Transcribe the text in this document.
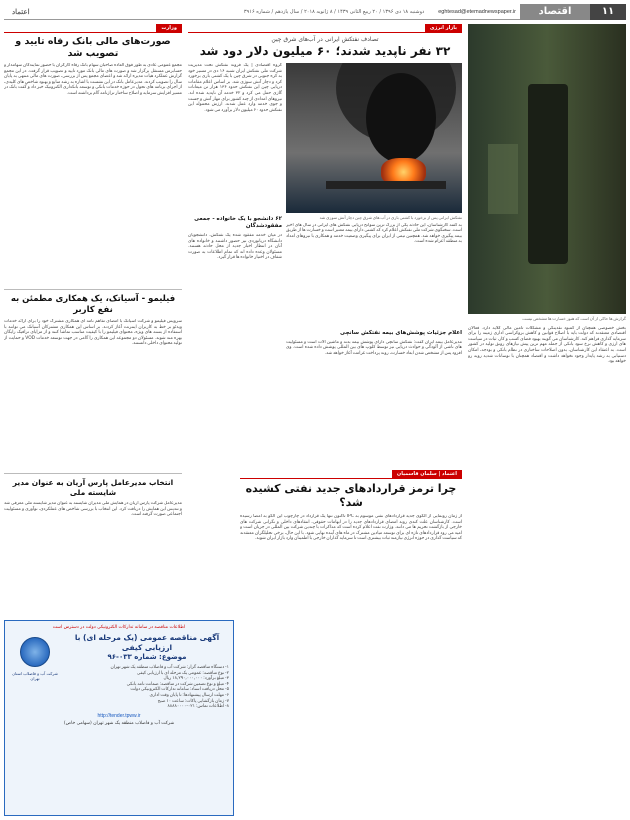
۱۱
اقتصاد
eghtesad@etemadnewspaper.ir
دوشنبه ۱۸ دی ۱۳۹۶ / ۲۰ ربیع الثانی ۱۴۳۹ / ۸ ژانویه ۲۰۱۸ / سال یازدهم / شماره ۳۹۱۶
اعتماد
وزارت
صورت‌های مالی بانک رفاه تایید و تصویب شد
مجمع عمومی عادی به طور فوق العاده صاحبان سهام بانک رفاه کارگران با حضور نمایندگان سهامدار و حسابرس مستقل برگزار شد و صورت های مالی بانک مورد تایید و تصویب قرار گرفت. در این مجمع گزارش عملکرد هیات مدیره ارائه شد و اعضای مجمع پس از بررسی، صورت های مالی منتهی به پایان سال را تصویب کردند. مدیرعامل بانک در این نشست با اشاره به رشد منابع و بهبود شاخص های کلیدی، از اجرای برنامه های تحول در حوزه خدمات بانکی و توسعه بانکداری الکترونیک خبر داد و گفت بانک در مسیر افزایش سرمایه و اصلاح ساختار ترازنامه گام برداشته است.
فیلیمو - آسیاتک، یک همکاری مطمئن به نفع کاربر
سرویس فیلیمو و شرکت آسیاتک با امضای تفاهم نامه ای همکاری مشترک خود را برای ارائه خدمات ویدئو بر خط به کاربران اینترنت آغاز کردند. بر اساس این همکاری مشترکان آسیاتک می توانند با استفاده از بسته های ویژه، محتوای فیلیمو را با کیفیت مناسب تماشا کنند و از مزایای ترافیک رایگان بهره مند شوند. مسئولان دو مجموعه این همکاری را گامی در جهت توسعه خدمات VOD و حمایت از تولید محتوای داخلی دانستند.
انتخاب مدیرعامل پارس آریان به عنوان مدیر شایسته ملی
مدیرعامل شرکت پارس آریان در همایش ملی مدیران شایسته به عنوان مدیر شایسته ملی معرفی شد و تندیس این همایش را دریافت کرد. این انتخاب با بررسی شاخص های عملکردی، نوآوری و مسئولیت اجتماعی صورت گرفته است.
اطلاعات مناقصه در سامانه تدارکات الکترونیکی دولت در دسترس است
آگهی مناقصه عمومی (یک مرحله ای) با ارزیابی کیفی
موضوع: شماره ۰۳۳-۹۶
۱- دستگاه مناقصه گزار: شرکت آب و فاضلاب منطقه یک شهر تهران
۲- نوع مناقصه: عمومی یک مرحله ای با ارزیابی کیفی
۳- مبلغ برآورد: ۱۸,۲۹۰,۰۰۰,۰۰۰ ریال
۴- مبلغ و نوع تضمین شرکت در مناقصه: ضمانت نامه بانکی
۵- محل دریافت اسناد: سامانه تدارکات الکترونیکی دولت
۶- مهلت ارسال پیشنهادها: تا پایان وقت اداری
۷- زمان بازگشایی پاکات: ساعت ۱۰ صبح
۸- اطلاعات تماس: ۰۲۱-۸۸۸۸۰۰۰۰
شرکت آب و فاضلاب استان تهران
http://tender.tpww.ir
شرکت آب و فاضلاب منطقه یک شهر تهران (سهامی خاص)
بازار انرژی
تصادف نفتکش ایرانی در آب‌های شرق چین
۳۲ نفر ناپدید شدند؛ ۶۰ میلیون دلار دود شد
گروه اقتصادی | یک فروند نفتکش تحت مدیریت شرکت ملی نفتکش ایران شنبه ۱۶ دی در مسیر خود به کره جنوبی در شرق چین با یک کشتی باری برخورد کرد و دچار آتش سوزی شد. بر اساس اعلام مقامات دریایی چین این نفتکش حدود ۱۳۶ هزار تن میعانات گازی حمل می کرد و ۳۲ خدمه آن ناپدید شده اند. نیروهای امدادی از چند کشور برای مهار آتش و جست و جوی خدمه وارد عمل شدند. ارزش محموله این نفتکش حدود ۶۰ میلیون دلار برآورد می شود.
۶۲ دانشجو با یک خانواده - جمعی مفقودشدگان
در میان خدمه مفقود شده یک نفتکش، دانشجویان دانشگاه دریانوردی نیز حضور داشتند و خانواده های آنان در انتظار اخبار جدید از محل حادثه هستند. مسئولان وعده داده اند که تمام اطلاعات به صورت شفاف در اختیار خانواده ها قرار گیرد.
نفتکش ایرانی پس از برخورد با کشتی باری در آب های شرق چین دچار آتش سوزی شد
به گفته کارشناسان، این حادثه یکی از بزرگ ترین سوانح دریایی نفتکش های ایرانی در سال های اخیر است. سخنگوی شرکت ملی نفتکش اعلام کرد که کشتی دارای بیمه معتبر است و خسارت ها از طریق بیمه پیگیری خواهد شد. همچنین تیمی از ایران برای پیگیری وضعیت خدمه و همکاری با نیروهای امداد به منطقه اعزام شده است.
اعلام جزئیات پوشش‌های بیمه نفتکش سانچی
مدیرعامل بیمه ایران گفت: نفتکش سانچی دارای پوشش بیمه بدنه و ماشین آلات است و مسئولیت های ناشی از آلودگی و حوادث دریایی نیز توسط کلوپ های بین المللی پوشش داده شده است. وی افزود پس از مشخص شدن ابعاد خسارت، روند پرداخت غرامت آغاز خواهد شد.
گزارش ها حاکی از آن است که هنوز خسارت ها مشخص نیست
بخش خصوصی همچنان از کمبود نقدینگی و مشکلات تامین مالی گلایه دارد. فعالان اقتصادی معتقدند که دولت باید با اصلاح قوانین و کاهش بروکراسی اداری زمینه را برای سرمایه گذاری فراهم کند. کارشناسان می گویند بهبود فضای کسب و کار، ثبات در سیاست های ارزی و کاهش نرخ سود بانکی از جمله مهم ترین پیش نیازهای رونق تولید در کشور است. به اعتقاد این کارشناسان، بدون اصلاحات ساختاری در نظام بانکی و بودجه، امکان دستیابی به رشد پایدار وجود نخواهد داشت و اقتصاد همچنان با نوسانات شدید روبه رو خواهد بود.
اعتماد | سلمان قاسمیان
چرا ترمز قراردادهای جدید نفتی کشیده شد؟
از زمان رونمایی از الگوی جدید قراردادهای نفتی موسوم به IPC تاکنون تنها یک قرارداد در چارچوب این الگو به امضا رسیده است. کارشناسان علت کندی روند امضای قراردادهای جدید را در ابهامات حقوقی، انتقادهای داخلی و نگرانی شرکت های خارجی از بازگشت تحریم ها می دانند. وزارت نفت اعلام کرده است که مذاکرات با چندین شرکت بین المللی در جریان است و امید می رود قراردادهای تازه ای برای توسعه میادین مشترک در ماه های آینده نهایی شود. با این حال، برخی تحلیلگران معتقدند که سیاست گذاری در حوزه انرژی نیازمند ثبات بیشتری است تا سرمایه گذاران خارجی با اطمینان وارد بازار ایران شوند.
